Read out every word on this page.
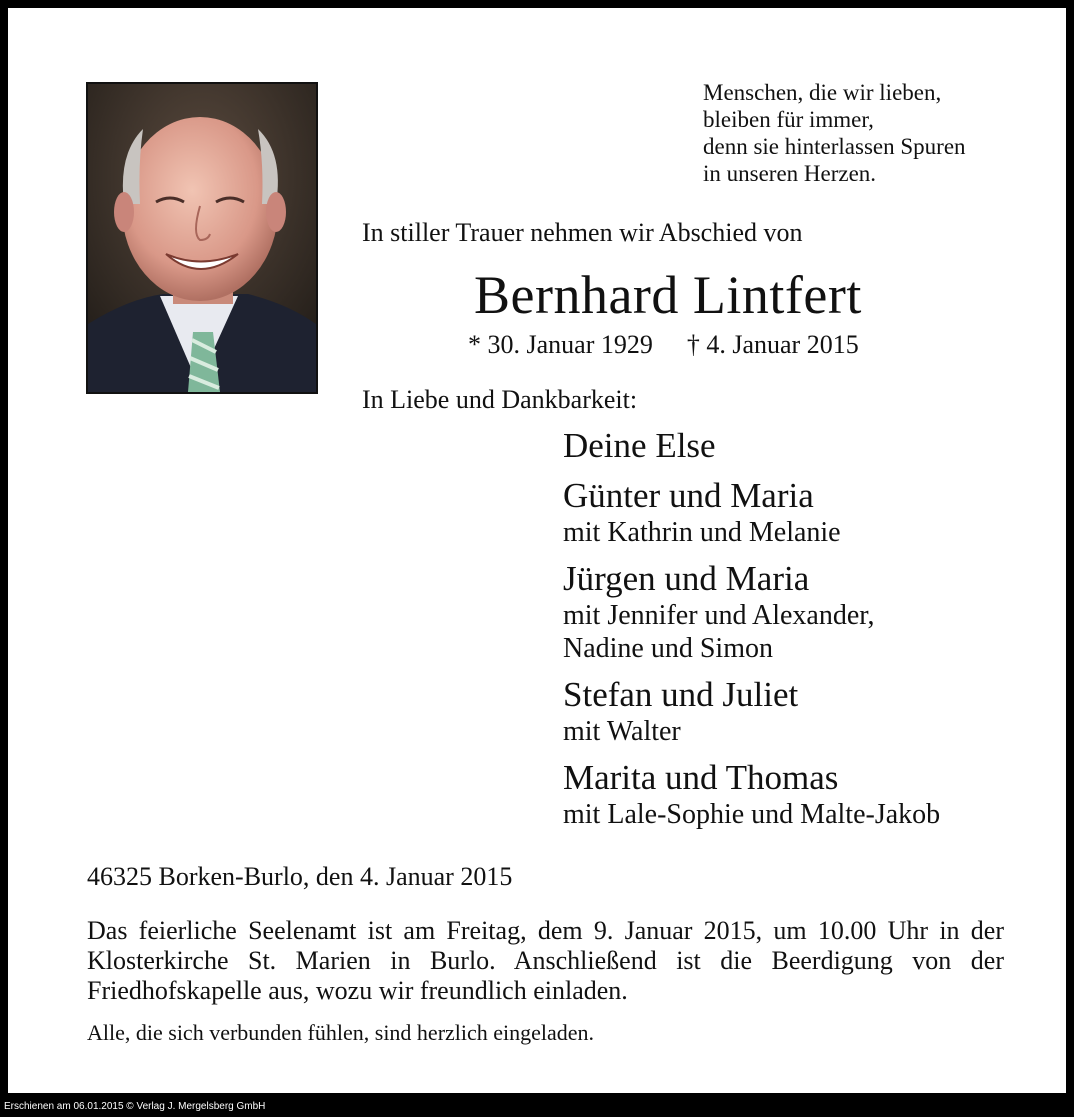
Menschen, die wir lieben,
bleiben für immer,
denn sie hinterlassen Spuren
in unseren Herzen.
In stiller Trauer nehmen wir Abschied von
Bernhard Lintfert
* 30. Januar 1929 † 4. Januar 2015
In Liebe und Dankbarkeit:
Deine Else
Günter und Maria
mit Kathrin und Melanie
Jürgen und Maria
mit Jennifer und Alexander,
Nadine und Simon
Stefan und Juliet
mit Walter
Marita und Thomas
mit Lale-Sophie und Malte-Jakob
46325 Borken-Burlo, den 4. Januar 2015
Das feierliche Seelenamt ist am Freitag, dem 9. Januar 2015, um 10.00 Uhr in der Klosterkirche St. Marien in Burlo. Anschließend ist die Beerdigung von der Friedhofskapelle aus, wozu wir freundlich einladen.
Alle, die sich verbunden fühlen, sind herzlich eingeladen.
Erschienen am 06.01.2015 © Verlag J. Mergelsberg GmbH
